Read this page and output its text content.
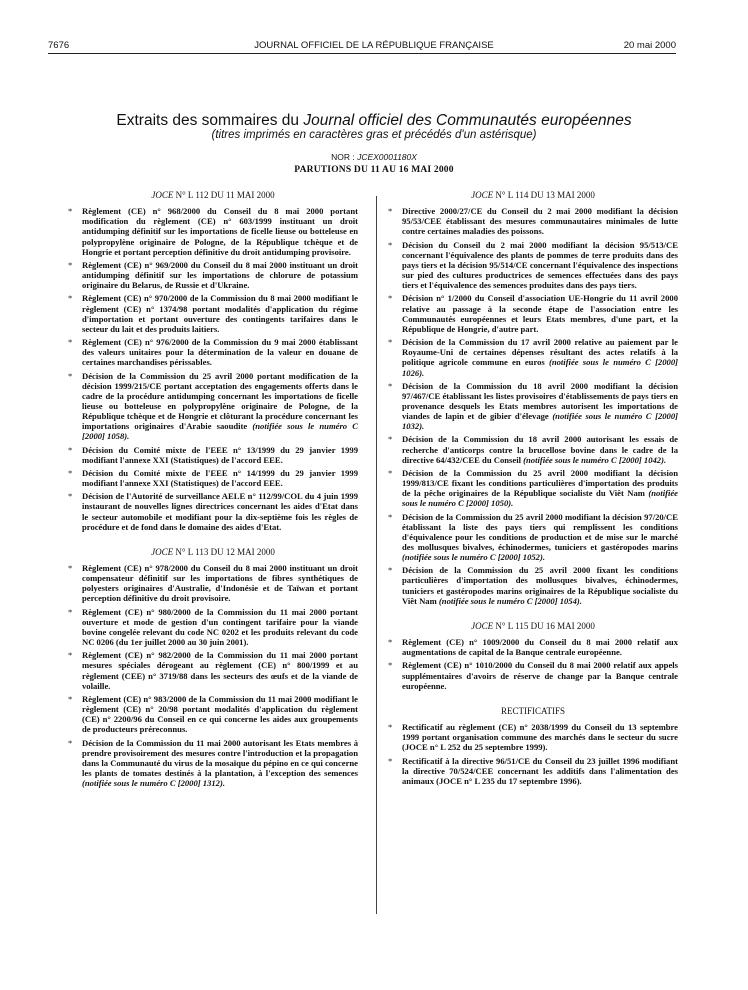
7676	JOURNAL OFFICIEL DE LA RÉPUBLIQUE FRANÇAISE	20 mai 2000
Extraits des sommaires du Journal officiel des Communautés européennes
(titres imprimés en caractères gras et précédés d'un astérisque)
NOR : JCEX0001180X
PARUTIONS DU 11 AU 16 MAI 2000
JOCE N° L 112 DU 11 MAI 2000
* Règlement (CE) n° 968/2000 du Conseil du 8 mai 2000 portant modification du règlement (CE) n° 603/1999 instituant un droit antidumping définitif sur les importations de ficelle lieuse ou botteleuse en polypropylène originaire de Pologne, de la République tchèque et de Hongrie et portant perception définitive du droit antidumping provisoire.
* Règlement (CE) n° 969/2000 du Conseil du 8 mai 2000 instituant un droit antidumping définitif sur les importations de chlorure de potassium originaire du Belarus, de Russie et d'Ukraine.
* Règlement (CE) n° 970/2000 de la Commission du 8 mai 2000 modifiant le règlement (CE) n° 1374/98 portant modalités d'application du régime d'importation et portant ouverture des contingents tarifaires dans le secteur du lait et des produits laitiers.
* Règlement (CE) n° 976/2000 de la Commission du 9 mai 2000 établissant des valeurs unitaires pour la détermination de la valeur en douane de certaines marchandises périssables.
* Décision de la Commission du 25 avril 2000 portant modification de la décision 1999/215/CE portant acceptation des engagements offerts dans le cadre de la procédure antidumping concernant les importations de ficelle lieuse ou botteleuse en polypropylène originaire de Pologne, de la République tchèque et de Hongrie et clôturant la procédure concernant les importations originaires d'Arabie saoudite (notifiée sous le numéro C [2000] 1058).
* Décision du Comité mixte de l'EEE n° 13/1999 du 29 janvier 1999 modifiant l'annexe XXI (Statistiques) de l'accord EEE.
* Décision du Comité mixte de l'EEE n° 14/1999 du 29 janvier 1999 modifiant l'annexe XXI (Statistiques) de l'accord EEE.
* Décision de l'Autorité de surveillance AELE n° 112/99/COL du 4 juin 1999 instaurant de nouvelles lignes directrices concernant les aides d'Etat dans le secteur automobile et modifiant pour la dix-septième fois les règles de procédure et de fond dans le domaine des aides d'Etat.
JOCE N° L 113 DU 12 MAI 2000
* Règlement (CE) n° 978/2000 du Conseil du 8 mai 2000 instituant un droit compensateur définitif sur les importations de fibres synthétiques de polyesters originaires d'Australie, d'Indonésie et de Taïwan et portant perception définitive du droit provisoire.
* Règlement (CE) n° 980/2000 de la Commission du 11 mai 2000 portant ouverture et mode de gestion d'un contingent tarifaire pour la viande bovine congelée relevant du code NC 0202 et les produits relevant du code NC 0206 (du 1er juillet 2000 au 30 juin 2001).
* Règlement (CE) n° 982/2000 de la Commission du 11 mai 2000 portant mesures spéciales dérogeant au règlement (CE) n° 800/1999 et au règlement (CEE) n° 3719/88 dans les secteurs des œufs et de la viande de volaille.
* Règlement (CE) n° 983/2000 de la Commission du 11 mai 2000 modifiant le règlement (CE) n° 20/98 portant modalités d'application du règlement (CE) n° 2200/96 du Conseil en ce qui concerne les aides aux groupements de producteurs préreconnus.
* Décision de la Commission du 11 mai 2000 autorisant les Etats membres à prendre provisoirement des mesures contre l'introduction et la propagation dans la Communauté du virus de la mosaïque du pépino en ce qui concerne les plants de tomates destinés à la plantation, à l'exception des semences (notifiée sous le numéro C [2000] 1312).
JOCE N° L 114 DU 13 MAI 2000
* Directive 2000/27/CE du Conseil du 2 mai 2000 modifiant la décision 95/53/CEE établissant des mesures communautaires minimales de lutte contre certaines maladies des poissons.
* Décision du Conseil du 2 mai 2000 modifiant la décision 95/513/CE concernant l'équivalence des plants de pommes de terre produits dans des pays tiers et la décision 95/514/CE concernant l'équivalence des inspections sur pied des cultures productrices de semences effectuées dans des pays tiers et l'équivalence des semences produites dans des pays tiers.
* Décision n° 1/2000 du Conseil d'association UE-Hongrie du 11 avril 2000 relative au passage à la seconde étape de l'association entre les Communautés européennes et leurs Etats membres, d'une part, et la République de Hongrie, d'autre part.
* Décision de la Commission du 17 avril 2000 relative au paiement par le Royaume-Uni de certaines dépenses résultant des actes relatifs à la politique agricole commune en euros (notifiée sous le numéro C [2000] 1026).
* Décision de la Commission du 18 avril 2000 modifiant la décision 97/467/CE établissant les listes provisoires d'établissements de pays tiers en provenance desquels les Etats membres autorisent les importations de viandes de lapin et de gibier d'élevage (notifiée sous le numéro C [2000] 1032).
* Décision de la Commission du 18 avril 2000 autorisant les essais de recherche d'anticorps contre la brucellose bovine dans le cadre de la directive 64/432/CEE du Conseil (notifiée sous le numéro C [2000] 1042).
* Décision de la Commission du 25 avril 2000 modifiant la décision 1999/813/CE fixant les conditions particulières d'importation des produits de la pêche originaires de la République socialiste du Viêt Nam (notifiée sous le numéro C [2000] 1050).
* Décision de la Commission du 25 avril 2000 modifiant la décision 97/20/CE établissant la liste des pays tiers qui remplissent les conditions d'équivalence pour les conditions de production et de mise sur le marché des mollusques bivalves, échinodermes, tuniciers et gastéropodes marins (notifiée sous le numéro C [2000] 1052).
* Décision de la Commission du 25 avril 2000 fixant les conditions particulières d'importation des mollusques bivalves, échinodermes, tuniciers et gastéropodes marins originaires de la République socialiste du Viêt Nam (notifiée sous le numéro C [2000] 1054).
JOCE N° L 115 DU 16 MAI 2000
* Règlement (CE) n° 1009/2000 du Conseil du 8 mai 2000 relatif aux augmentations de capital de la Banque centrale européenne.
* Règlement (CE) n° 1010/2000 du Conseil du 8 mai 2000 relatif aux appels supplémentaires d'avoirs de réserve de change par la Banque centrale européenne.
RECTIFICATIFS
* Rectificatif au règlement (CE) n° 2038/1999 du Conseil du 13 septembre 1999 portant organisation commune des marchés dans le secteur du sucre (JOCE n° L 252 du 25 septembre 1999).
* Rectificatif à la directive 96/51/CE du Conseil du 23 juillet 1996 modifiant la directive 70/524/CEE concernant les additifs dans l'alimentation des animaux (JOCE n° L 235 du 17 septembre 1996).
